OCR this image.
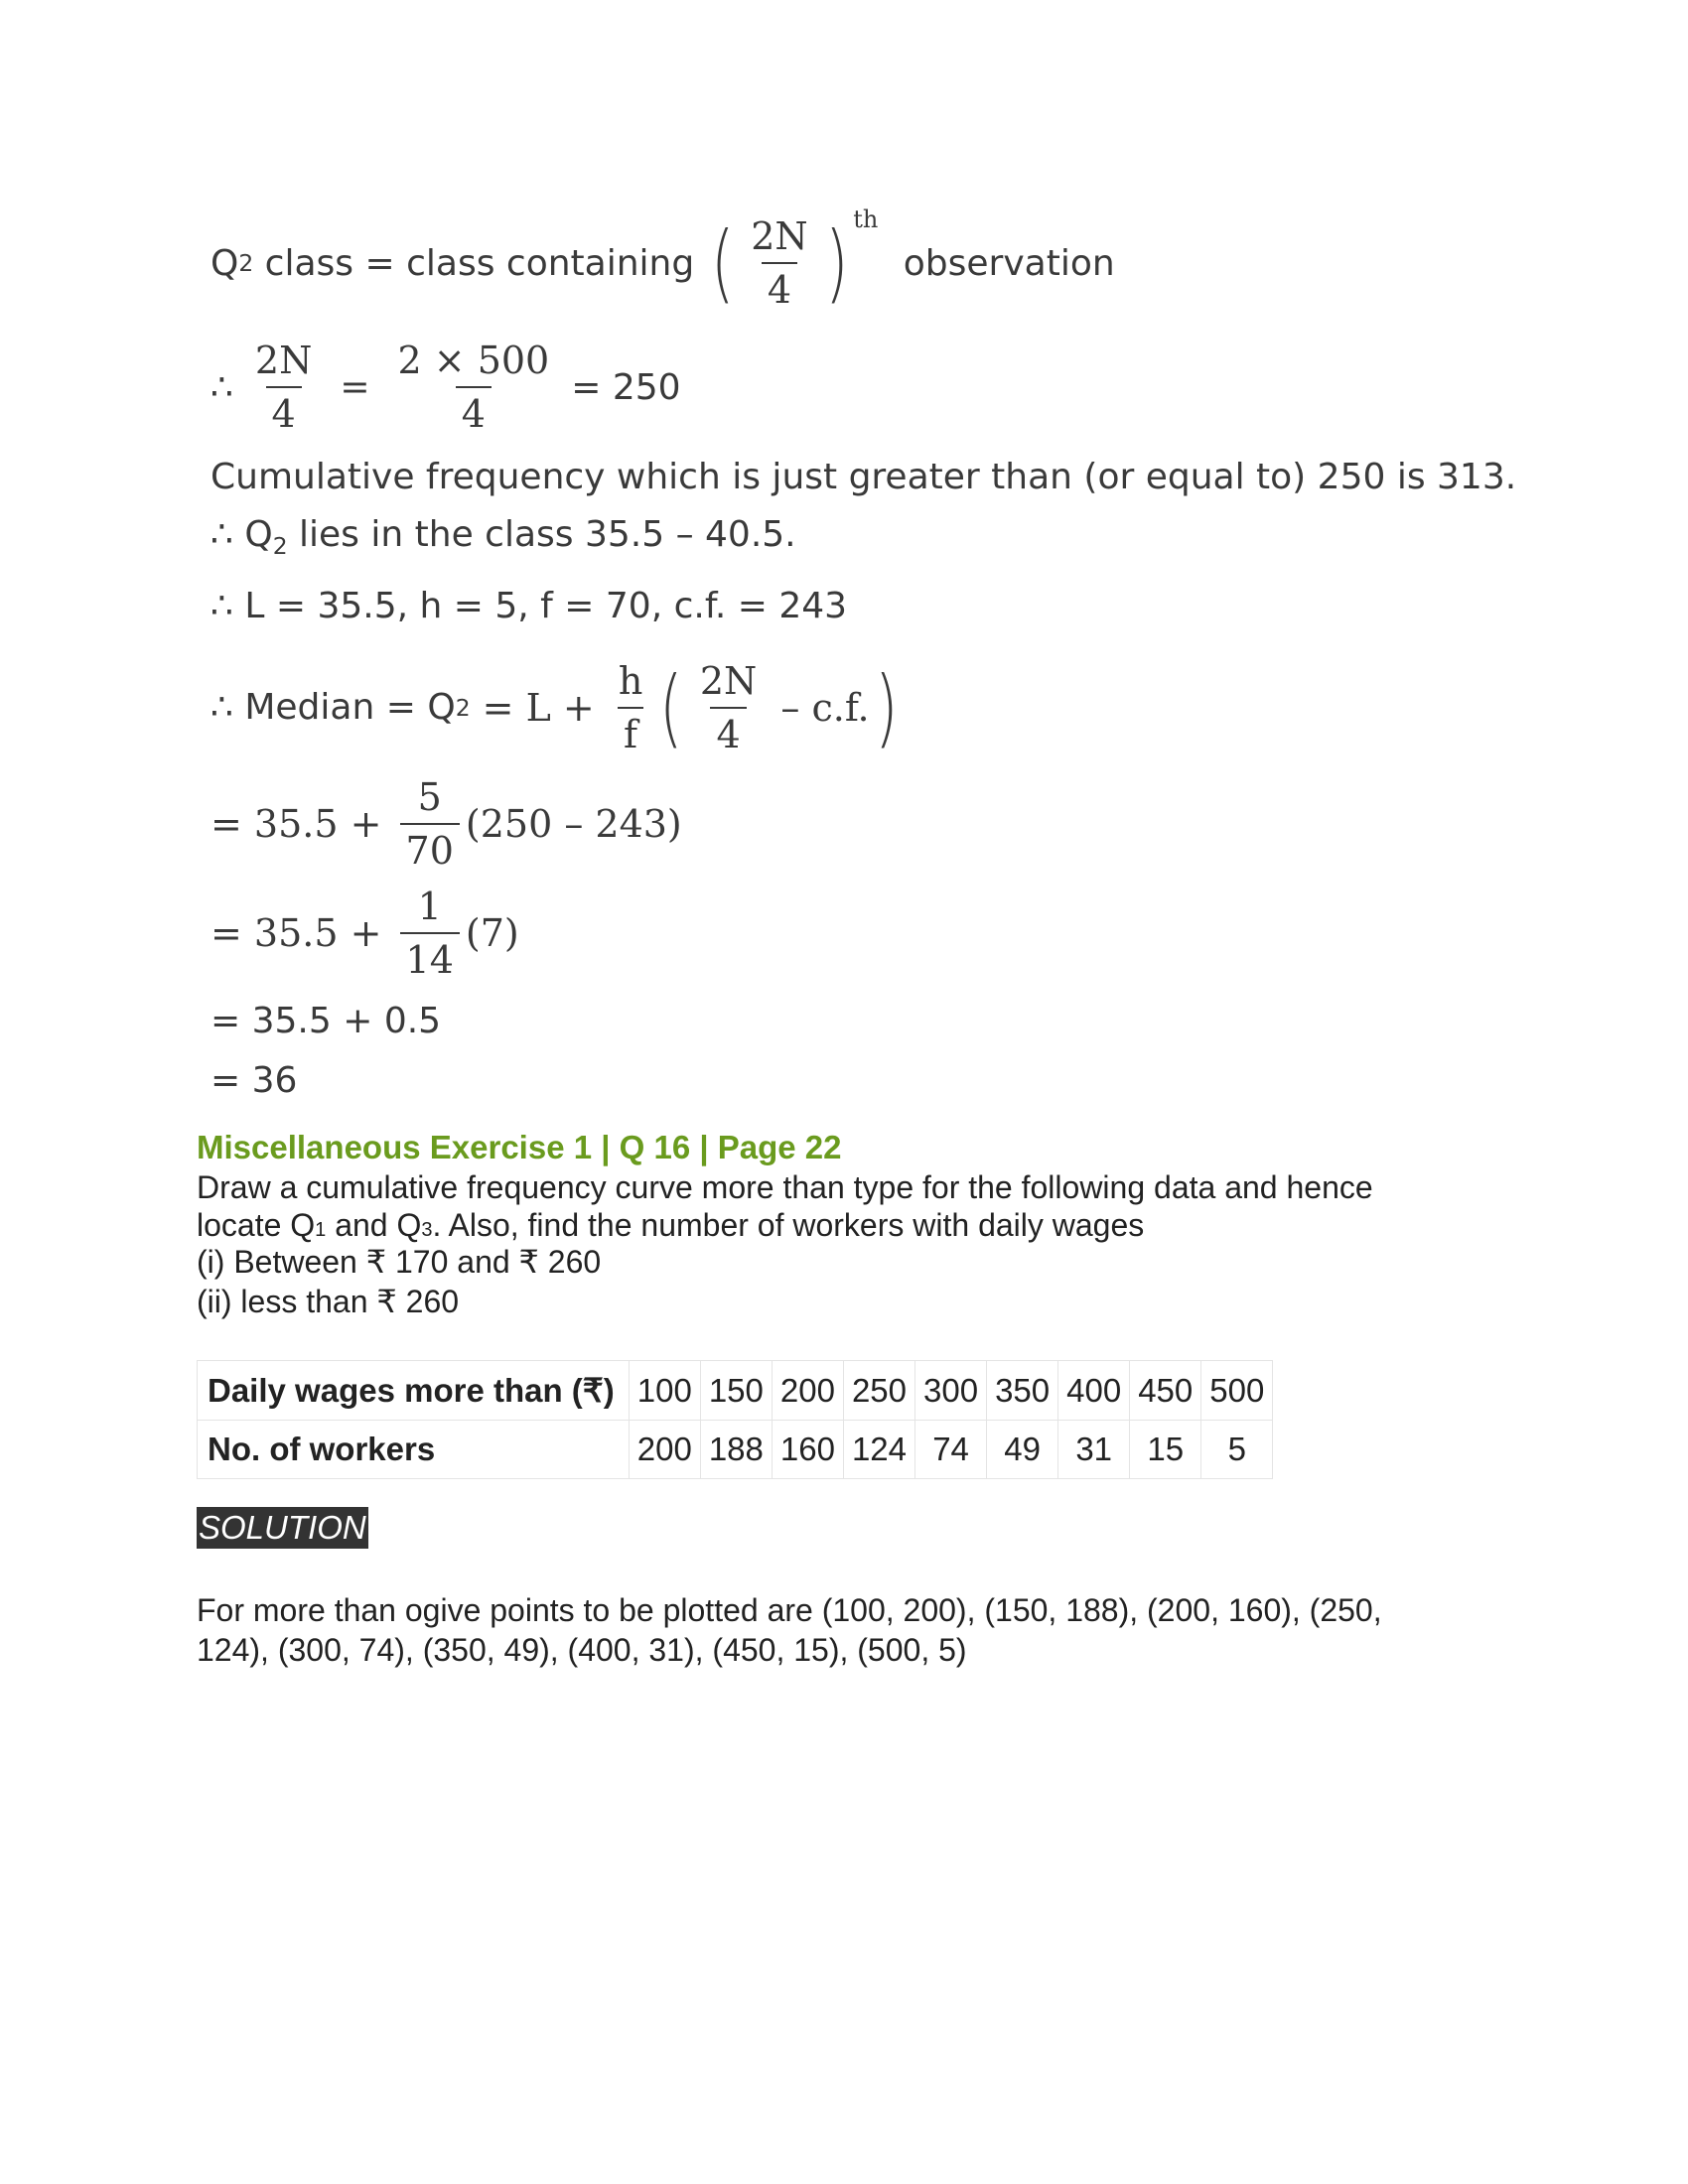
Q 2 class = class containing ( $\frac{2N}{4}$ ) th
observation
∴ $\frac{2N}{4} = \frac{2 \times 500}{4} = 250$
Cumulative frequency which is just greater than (or equal to) 250 is 313.
∴ $Q_2$ lies in the class 35.5 – 40.5.
∴ L = 35.5, h = 5, f = 70, c.f. = 243
∴ Median = Q $2 = L + \frac{h}{f}$ ( $\frac{2N}{4} - c.f$. )
= $35.5 + \frac{5}{70} (250 - 243)$
= $35.5 + \frac{1}{14} (7)$
= 35.5 + 0.5
= 36
Miscellaneous Exercise 1 | Q 16 | Page 22
Draw a cumulative frequency curve more than type for the following data and hence
locate Q1 and Q3. Also, find the number of workers with daily wages
(i) Between ₹ 170 and ₹ 260
(ii) less than ₹ 260
Daily wages more than (₹)	100	150	200	250	300	350	400	450	500
No. of workers	200	188	160	124	74	49	31	15	5
SOLUTION
For more than ogive points to be plotted are (100, 200), (150, 188), (200, 160), (250,
124), (300, 74), (350, 49), (400, 31), (450, 15), (500, 5)
